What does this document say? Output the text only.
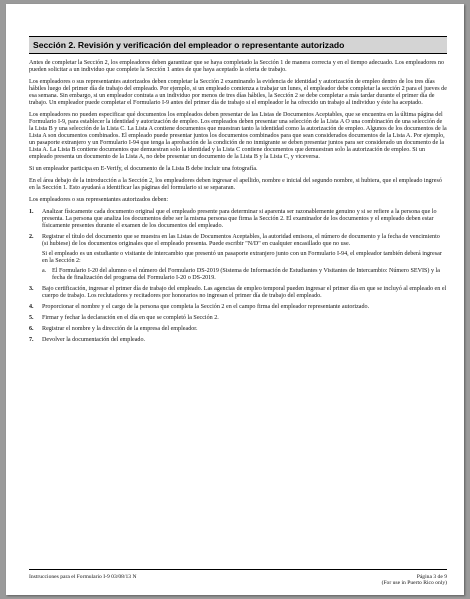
Sección 2. Revisión y verificación del empleador o representante autorizado

Antes de completar la Sección 2, los empleadores deben garantizar que se haya completado la Sección 1 de manera correcta y en el tiempo adecuado. Los empleadores no pueden solicitar a un individuo que complete la Sección 1 antes de que haya aceptado la oferta de trabajo.

Los empleadores o sus representantes autorizados deben completar la Sección 2 examinando la evidencia de identidad y autorización de empleo dentro de los tres días hábiles luego del primer día de trabajo del empleado. Por ejemplo, si un empleado comienza a trabajar un lunes, el empleador debe completar la sección 2 para el jueves de esa semana. Sin embargo, si un empleador contrata a un individuo por menos de tres días hábiles, la Sección 2 se debe completar a más tardar durante el primer día de trabajo. Un empleador puede completar el Formulario I-9 antes del primer día de trabajo si el empleador le ha ofrecido un trabajo al individuo y éste ha aceptado.

Los empleadores no pueden especificar qué documentos los empleados deben presentar de las Listas de Documentos Aceptables, que se encuentra en la última página del Formulario I-9, para establecer la identidad y autorización de empleo. Los empleados deben presentar una selección de la Lista A O una combinación de una selección de la Lista B y una selección de la Lista C. La Lista A contiene documentos que muestran tanto la identidad como la autorización de empleo. Algunos de los documentos de la Lista A son documentos combinados. El empleado puede presentar juntos los documentos combinados para que sean considerados documentos de la Lista A. Por ejemplo, un pasaporte extranjero y un Formulario I-94 que tenga la aprobación de la condición de no inmigrante se deben presentar juntos para ser considerado un documento de la Lista A. La Lista B contiene documentos que demuestran solo la identidad y la Lista C contiene documentos que demuestran solo la autorización de empleo. Si un empleado presenta un documento de la Lista A, no debe presentar un documento de la Lista B y la Lista C, y viceversa.

Si un empleador participa en E-Verify, el documento de la Lista B debe incluir una fotografía.

En el área debajo de la introducción a la Sección 2, los empleadores deben ingresar el apellido, nombre e inicial del segundo nombre, si hubiera, que el empleado ingresó en la Sección 1. Esto ayudará a identificar las páginas del formulario si se separaran.

Los empleadores o sus representantes autorizados deben:

1. Analizar físicamente cada documento original que el empleado presente para determinar si aparenta ser razonablemente genuino y si se refiere a la persona que lo presenta. La persona que analiza los documentos debe ser la misma persona que firma la Sección 2. El examinador de los documentos y el empleado deben estar físicamente presentes durante el examen de los documentos del empleado.
2. Registrar el título del documento que se muestra en las Listas de Documentos Aceptables, la autoridad emisora, el número de documento y la fecha de vencimiento (si hubiese) de los documentos originales que el empleado presenta. Puede escribir "N/D" en cualquier encasillado que no use.

Si el empleado es un estudiante o visitante de intercambio que presentó un pasaporte extranjero junto con un Formulario I-94, el empleador también deberá ingresar en la Sección 2:

a. El Formulario I-20 del alumno o el número del Formulario DS-2019 (Sistema de Información de Estudiantes y Visitantes de Intercambio: Número SEVIS) y la fecha de finalización del programa del Formulario I-20 o DS-2019.
3. Bajo certificación, ingresar el primer día de trabajo del empleado. Las agencias de empleo temporal pueden ingresar el primer día en que se incluyó al empleado en el cuerpo de trabajo. Los reclutadores y recitadores por honorarios no ingresan el primer día de trabajo del empleado.
4. Proporcionar el nombre y el cargo de la persona que completa la Sección 2 en el campo firma del empleador representante autorizado.
5. Firmar y fechar la declaración en el día en que se completó la Sección 2.
6. Registrar el nombre y la dirección de la empresa del empleador.
7. Devolver la documentación del empleado.
Instrucciones para el Formulario I-9 03/08/13 N	Página 3 de 9
(For use in Puerto Rico only)
